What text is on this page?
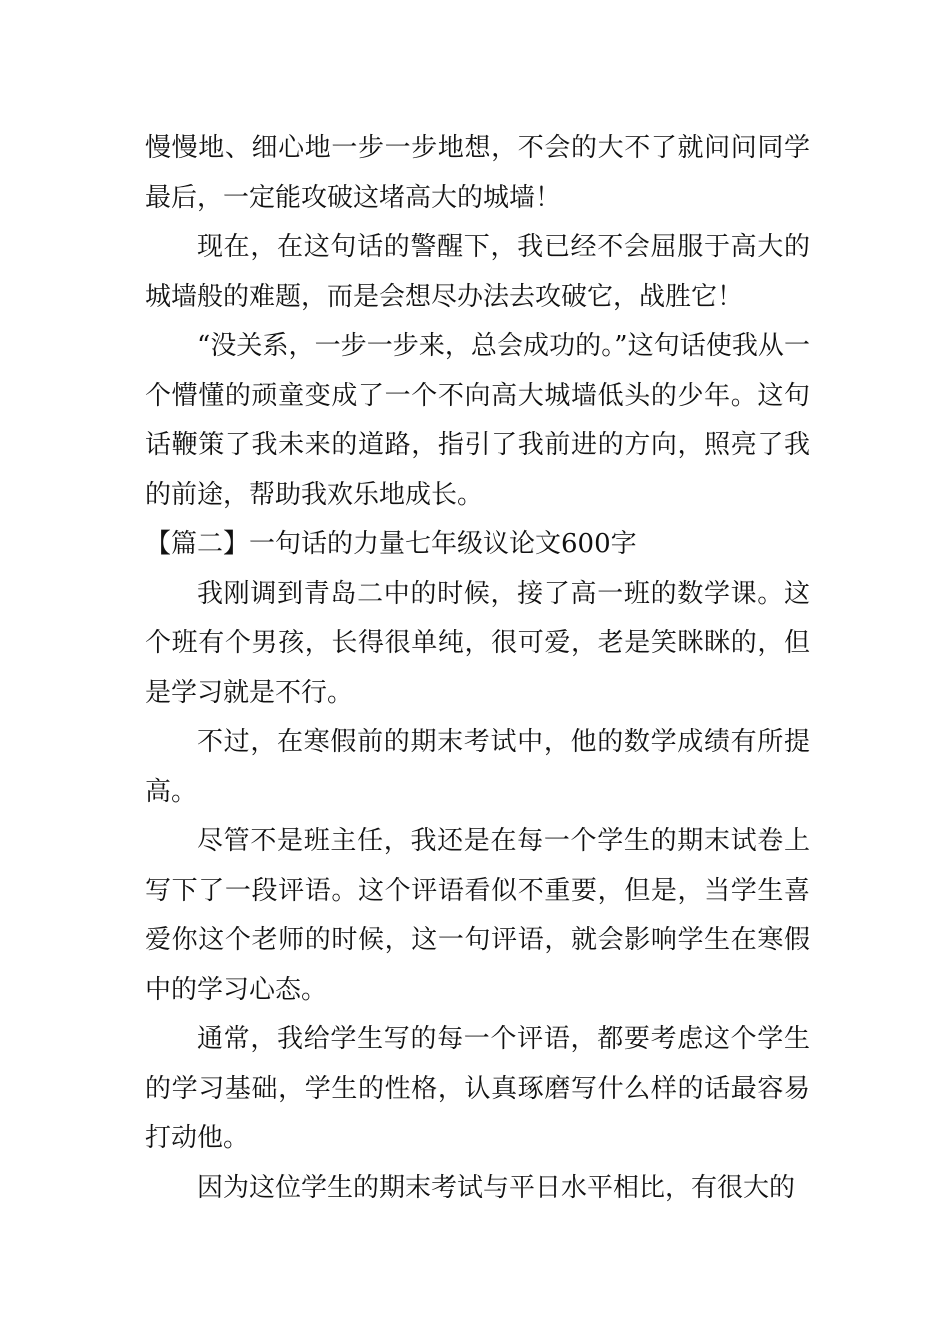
慢慢地、细心地一步一步地想，不会的大不了就问问同学最后，一定能攻破这堵高大的城墙！

现在，在这句话的警醒下，我已经不会屈服于高大的城墙般的难题，而是会想尽办法去攻破它，战胜它！

“没关系，一步一步来，总会成功的。”这句话使我从一个懵懂的顽童变成了一个不向高大城墙低头的少年。这句话鞭策了我未来的道路，指引了我前进的方向，照亮了我的前途，帮助我欢乐地成长。

【篇二】一句话的力量七年级议论文600字

我刚调到青岛二中的时候，接了高一班的数学课。这个班有个男孩，长得很单纯，很可爱，老是笑眯眯的，但是学习就是不行。

不过，在寒假前的期末考试中，他的数学成绩有所提高。

尽管不是班主任，我还是在每一个学生的期末试卷上写下了一段评语。这个评语看似不重要，但是，当学生喜爱你这个老师的时候，这一句评语，就会影响学生在寒假中的学习心态。

通常，我给学生写的每一个评语，都要考虑这个学生的学习基础，学生的性格，认真琢磨写什么样的话最容易打动他。

因为这位学生的期末考试与平日水平相比，有很大的
